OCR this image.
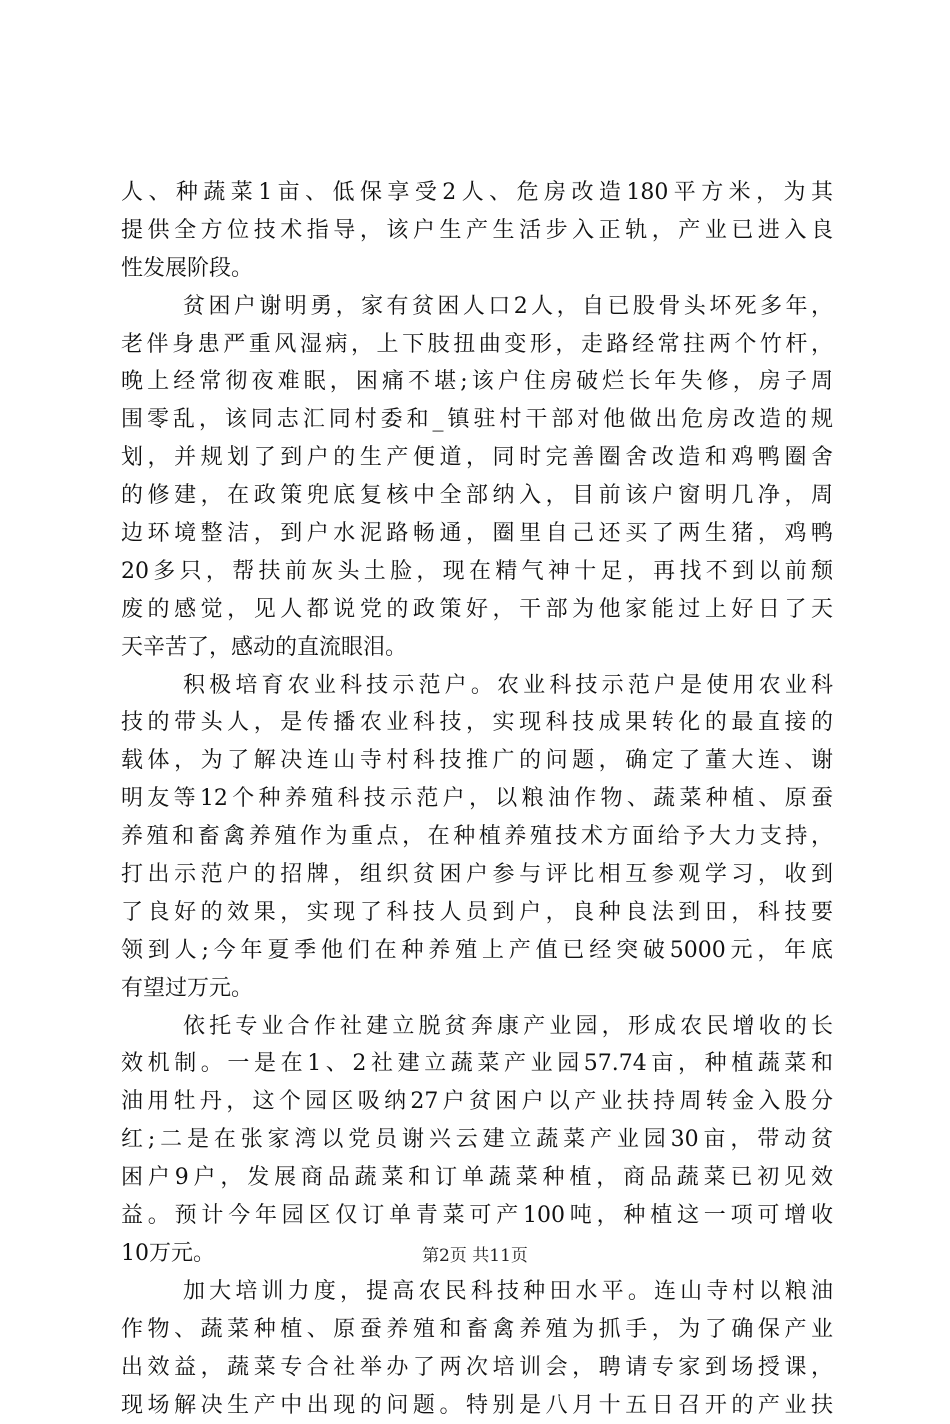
人、种蔬菜1亩、低保享受2人、危房改造180平方米，为其
提供全方位技术指导，该户生产生活步入正轨，产业已进入良
性发展阶段。
贫困户谢明勇，家有贫困人口2人，自已股骨头坏死多年，
老伴身患严重风湿病，上下肢扭曲变形，走路经常拄两个竹杆，
晚上经常彻夜难眠，困痛不堪;该户住房破烂长年失修，房子周
围零乱，该同志汇同村委和_镇驻村干部对他做出危房改造的规
划，并规划了到户的生产便道，同时完善圈舍改造和鸡鸭圈舍
的修建，在政策兜底复核中全部纳入，目前该户窗明几净，周
边环境整洁，到户水泥路畅通，圈里自己还买了两生猪，鸡鸭
20多只，帮扶前灰头土脸，现在精气神十足，再找不到以前颓
废的感觉，见人都说党的政策好，干部为他家能过上好日了天
天辛苦了，感动的直流眼泪。
积极培育农业科技示范户。农业科技示范户是使用农业科
技的带头人，是传播农业科技，实现科技成果转化的最直接的
载体，为了解决连山寺村科技推广的问题，确定了董大连、谢
明友等12个种养殖科技示范户，以粮油作物、蔬菜种植、原蚕
养殖和畜禽养殖作为重点，在种植养殖技术方面给予大力支持，
打出示范户的招牌，组织贫困户参与评比相互参观学习，收到
了良好的效果，实现了科技人员到户，良种良法到田，科技要
领到人;今年夏季他们在种养殖上产值已经突破5000元，年底
有望过万元。
依托专业合作社建立脱贫奔康产业园，形成农民增收的长
效机制。一是在1、2社建立蔬菜产业园57.74亩，种植蔬菜和
油用牡丹，这个园区吸纳27户贫困户以产业扶持周转金入股分
红;二是在张家湾以党员谢兴云建立蔬菜产业园30亩，带动贫
困户9户，发展商品蔬菜和订单蔬菜种植，商品蔬菜已初见效
益。预计今年园区仅订单青菜可产100吨，种植这一项可增收
10万元。
加大培训力度，提高农民科技种田水平。连山寺村以粮油
作物、蔬菜种植、原蚕养殖和畜禽养殖为抓手，为了确保产业
出效益，蔬菜专合社举办了两次培训会，聘请专家到场授课，
现场解决生产中出现的问题。特别是八月十五日召开的产业扶
第2页 共11页
